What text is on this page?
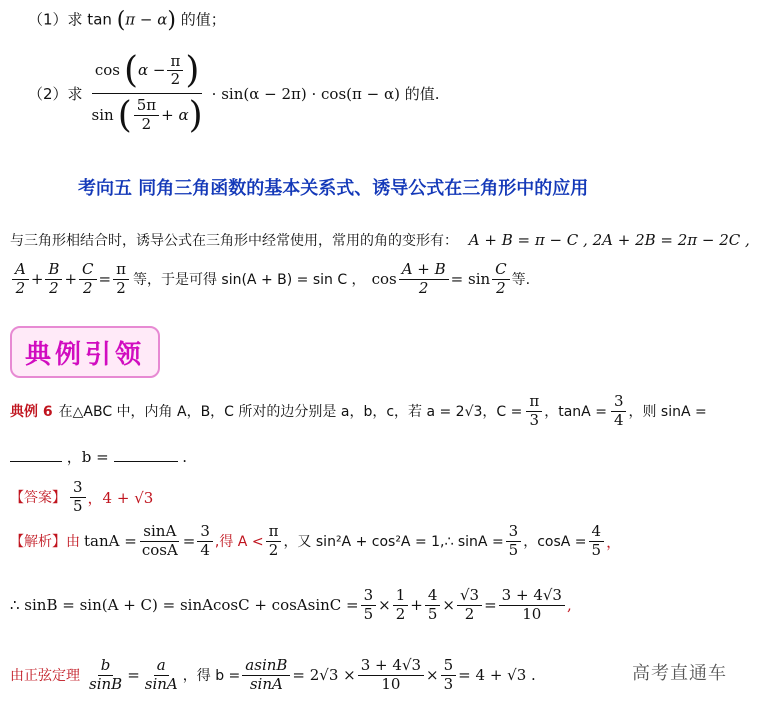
（1）求 tan (π − α) 的值；
（2）求 $\frac{\cos ( \alpha - \frac{\pi}{2} )}{\sin ( \frac{5\pi}{2} + \alpha )} \cdot \sin(\alpha - 2\pi) \cdot \cos(\pi - \alpha)$ 的值.
考向五 同角三角函数的基本关系式、诱导公式在三角形中的应用
与三角形相结合时，诱导公式在三角形中经常使用，常用的角的变形有： A + B = π − C , 2A + 2B = 2π − 2C ,
$\frac{A}{2} + \frac{B}{2} + \frac{C}{2} = \frac{\pi}{2}$ 等，于是可得 sin(A + B) = sin C ， $\cos \frac{A + B}{2} = \sin \frac{C}{2}$ 等.
典例引领
典例 6 在△ABC 中，内角 A，B，C 所对的边分别是 a，b，c，若 a = 2√3，$C = \frac{\pi}{3}$ ，$\tan A = \frac{3}{4}$ ，则 sinA =
，b =	.
【答案】 $\frac{3}{5}$ ，4 + √3
【解析】由 $\tan A = \frac{\sin A}{\cos A} = \frac{3}{4}$ ,得 $A < \frac{\pi}{2}$ ，又 sin²A + cos²A = 1,∴ $\sin A = \frac{3}{5}$ ，$\cos A = \frac{4}{5}$ ，
∴ sinB = sin(A + C) = sinAcosC + cosAsinC = $\frac{3}{5} \times \frac{1}{2} + \frac{4}{5} \times \frac{√3}{2} = \frac{3 + 4√3}{10}$ ,
由正弦定理 $\frac{b}{\sin B} = \frac{a}{\sin A}$ ，得 $b = \frac{asinB}{\sin A} = 2√3 \times \frac{3 + 4√3}{10} \times \frac{5}{3} = 4 + √3$ .	高考直通车
